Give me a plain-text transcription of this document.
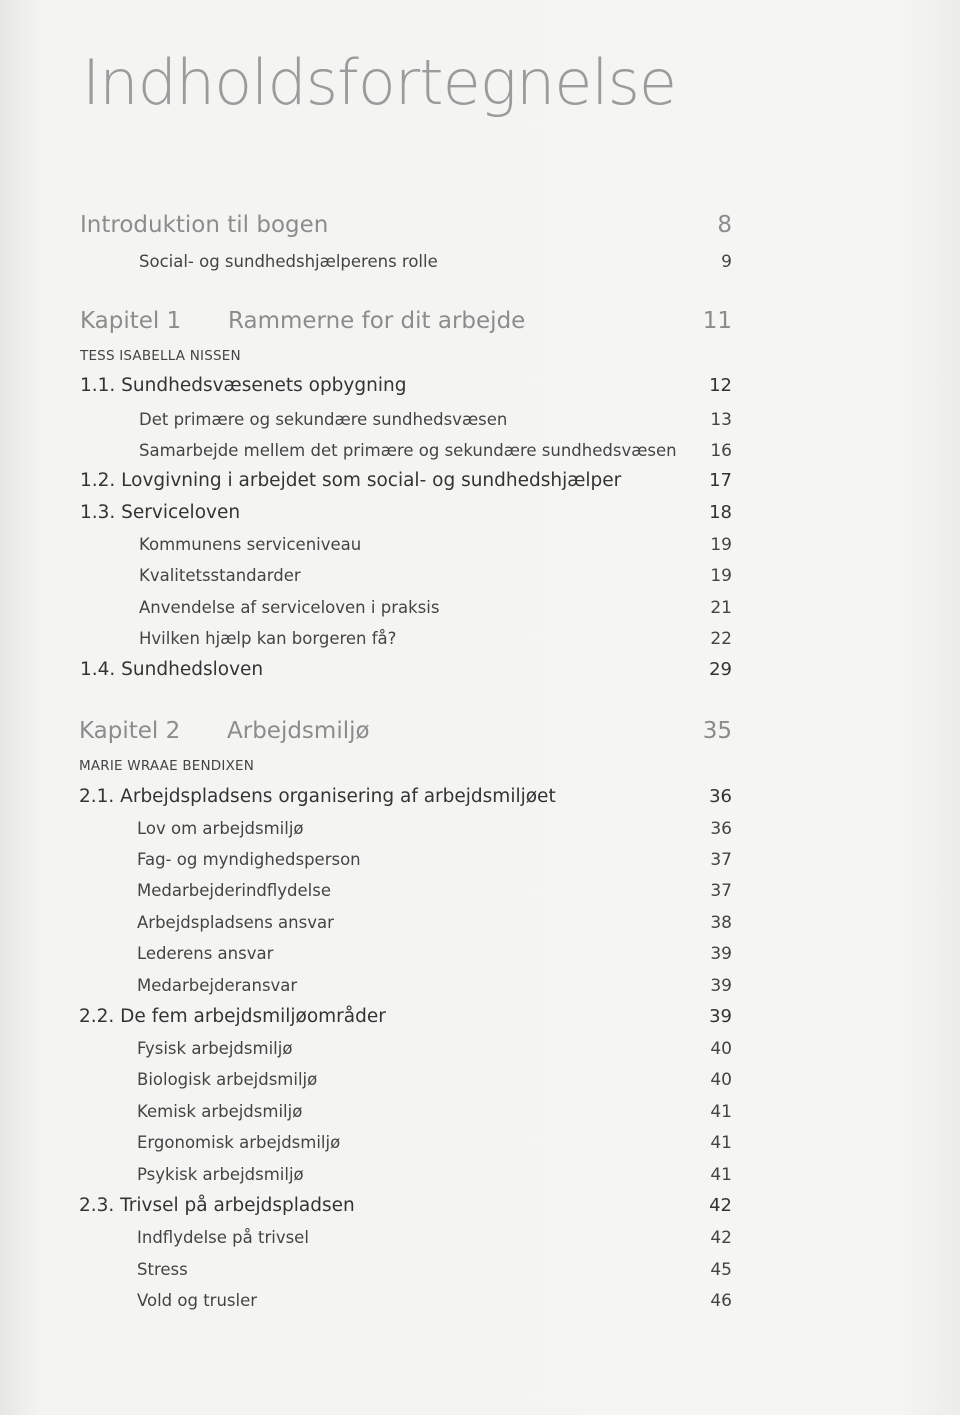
Indholdsfortegnelse
Introduktion til bogen	8
Social- og sundhedshjælperens rolle	9
Kapitel 1	Rammerne for dit arbejde	11
TESS ISABELLA NISSEN
1.1. Sundhedsvæsenets opbygning	12
Det primære og sekundære sundhedsvæsen	13
Samarbejde mellem det primære og sekundære sundhedsvæsen 16
1.2. Lovgivning i arbejdet som social- og sundhedshjælper	17
1.3. Serviceloven	18
Kommunens serviceniveau	19
Kvalitetsstandarder	19
Anvendelse af serviceloven i praksis	21
Hvilken hjælp kan borgeren få?	22
1.4. Sundhedsloven	29
Kapitel 2	Arbejdsmiljø	35
MARIE WRAAE BENDIXEN
2.1. Arbejdspladsens organisering af arbejdsmiljøet	36
Lov om arbejdsmiljø	36
Fag- og myndighedsperson	37
Medarbejderindflydelse	37
Arbejdspladsens ansvar	38
Lederens ansvar	39
Medarbejderansvar	39
2.2. De fem arbejdsmiljøområder	39
Fysisk arbejdsmiljø	40
Biologisk arbejdsmiljø	40
Kemisk arbejdsmiljø	41
Ergonomisk arbejdsmiljø	41
Psykisk arbejdsmiljø	41
2.3. Trivsel på arbejdspladsen	42
Indflydelse på trivsel	42
Stress	45
Vold og trusler	46
